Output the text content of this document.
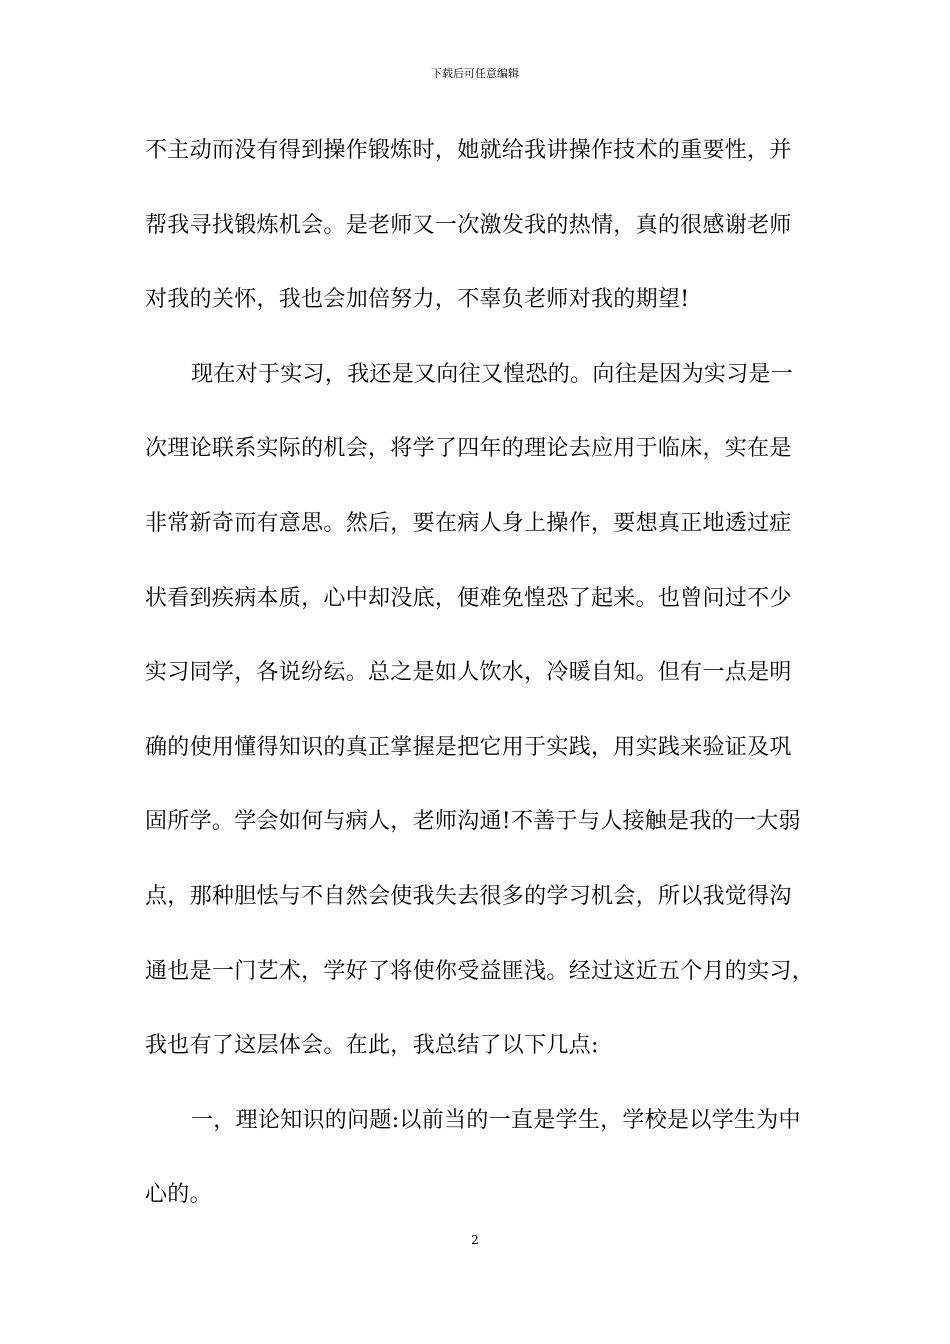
下载后可任意编辑
不主动而没有得到操作锻炼时，她就给我讲操作技术的重要性，并
帮我寻找锻炼机会。是老师又一次激发我的热情，真的很感谢老师
对我的关怀，我也会加倍努力，不辜负老师对我的期望!
现在对于实习，我还是又向往又惶恐的。向往是因为实习是一
次理论联系实际的机会，将学了四年的理论去应用于临床，实在是
非常新奇而有意思。然后，要在病人身上操作，要想真正地透过症
状看到疾病本质，心中却没底，便难免惶恐了起来。也曾问过不少
实习同学，各说纷纭。总之是如人饮水，冷暖自知。但有一点是明
确的使用懂得知识的真正掌握是把它用于实践，用实践来验证及巩
固所学。学会如何与病人，老师沟通!不善于与人接触是我的一大弱
点，那种胆怯与不自然会使我失去很多的学习机会，所以我觉得沟
通也是一门艺术，学好了将使你受益匪浅。经过这近五个月的实习，
我也有了这层体会。在此，我总结了以下几点:
一，理论知识的问题:以前当的一直是学生，学校是以学生为中
心的。
2
